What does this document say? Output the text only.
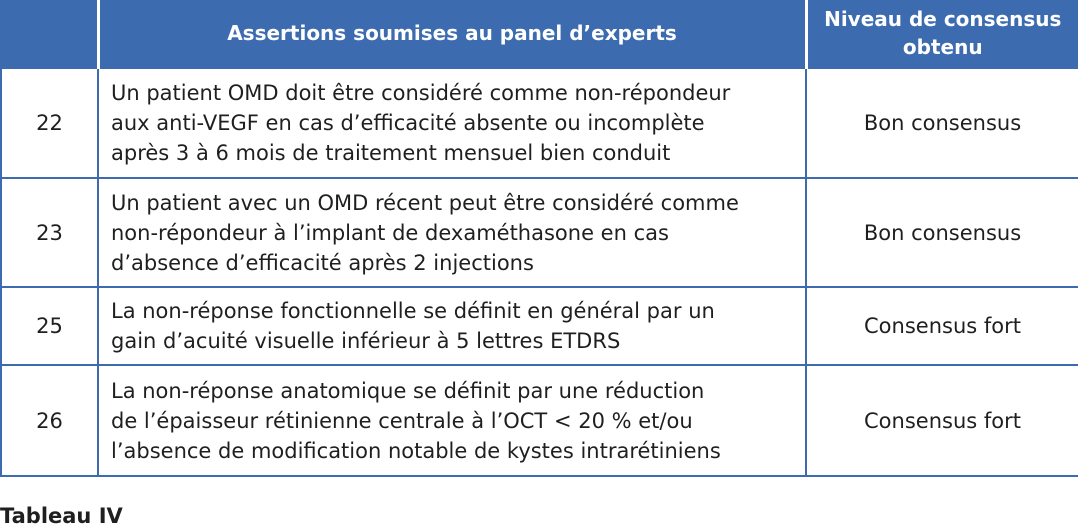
	Assertions soumises au panel d’experts	Niveau de consensus
obtenu

22	Un patient OMD doit être considéré comme non-répondeur
aux anti-VEGF en cas d’efficacité absente ou incomplète
après 3 à 6 mois de traitement mensuel bien conduit	Bon consensus
23	Un patient avec un OMD récent peut être considéré comme
non-répondeur à l’implant de dexaméthasone en cas
d’absence d’efficacité après 2 injections	Bon consensus
25	La non-réponse fonctionnelle se définit en général par un
gain d’acuité visuelle inférieur à 5 lettres ETDRS	Consensus fort
26	La non-réponse anatomique se définit par une réduction
de l’épaisseur rétinienne centrale à l’OCT < 20 % et/ou
l’absence de modification notable de kystes intrarétiniens	Consensus fort
Tableau IV
